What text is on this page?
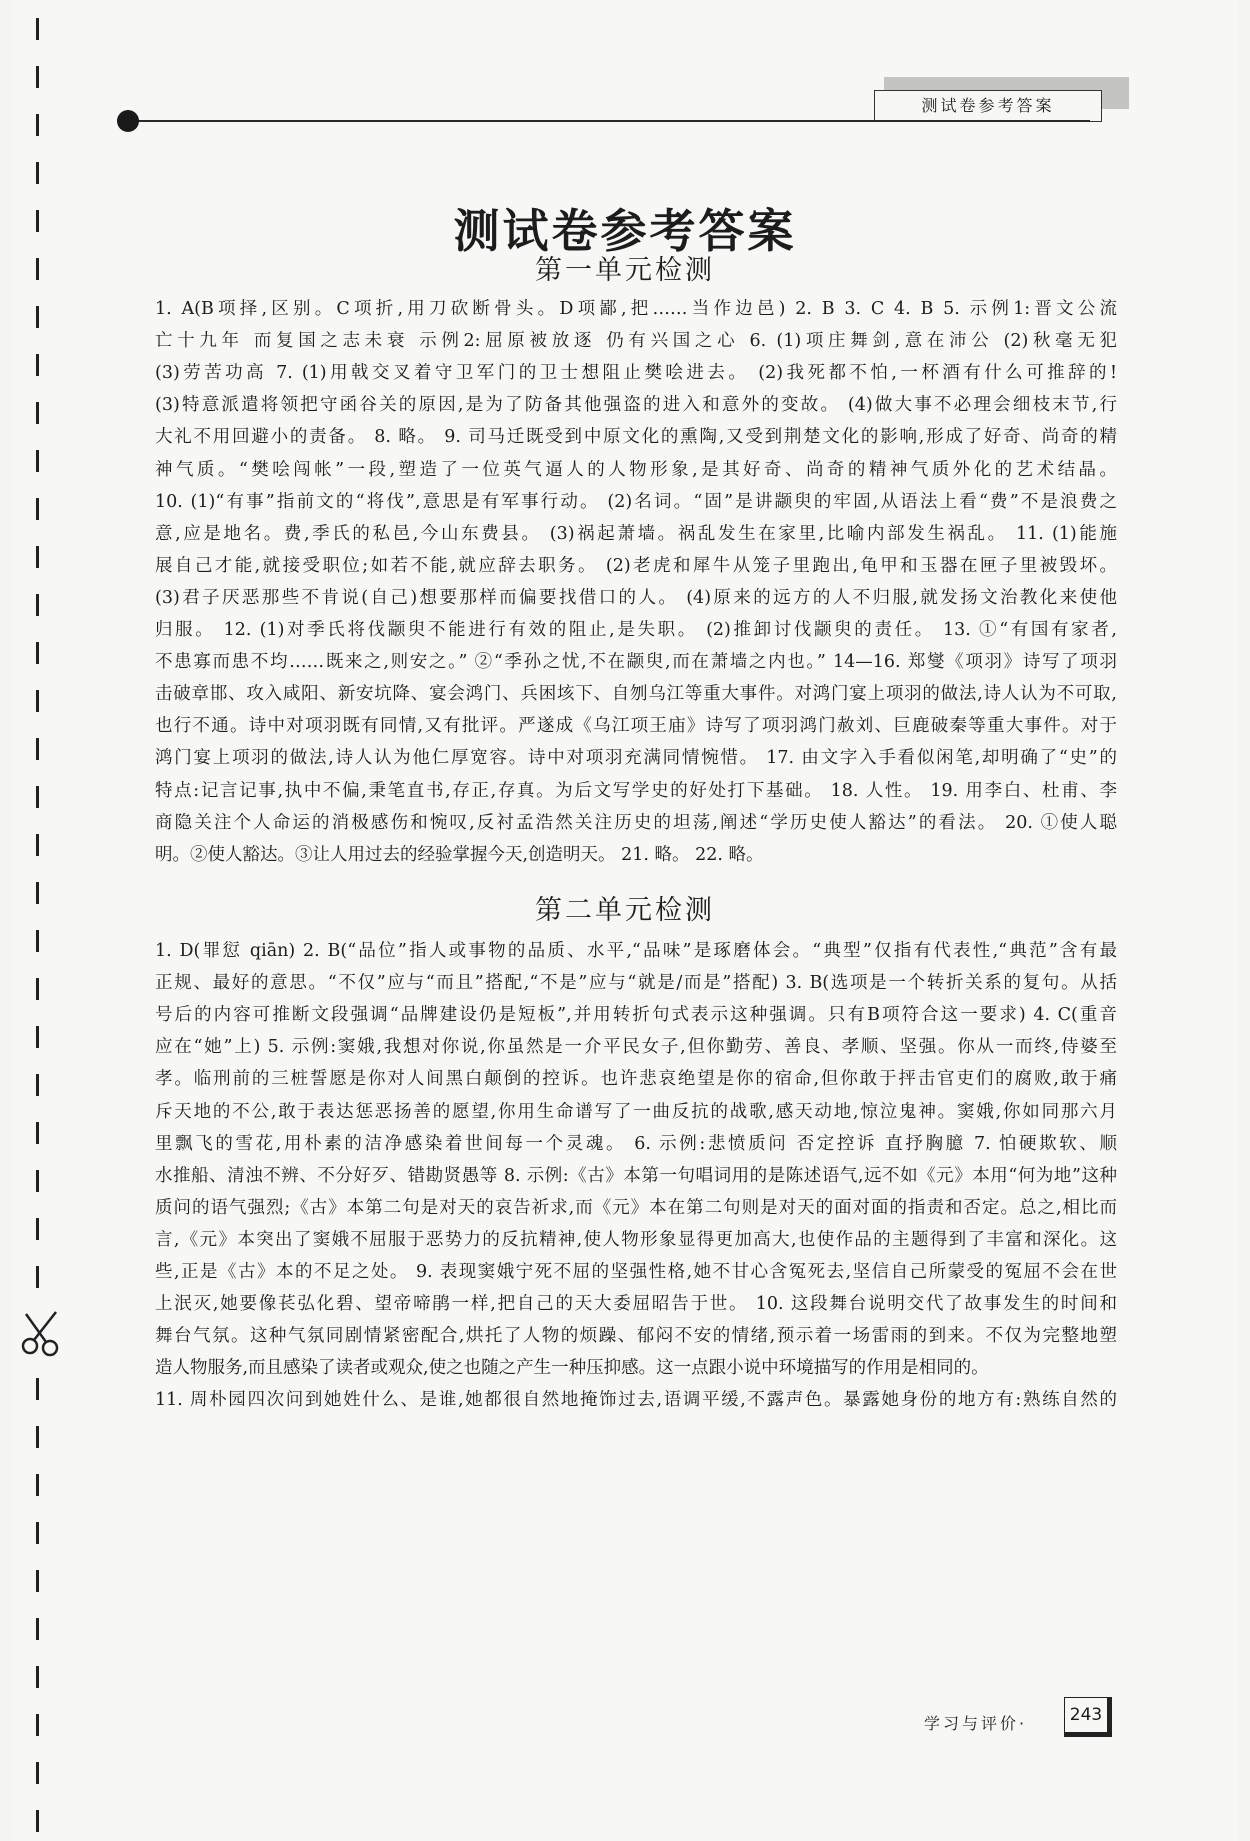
测试卷参考答案
测试卷参考答案
第一单元检测
1. A(B项择,区别。C项折,用刀砍断骨头。D项鄙,把……当作边邑) 2. B 3. C 4. B 5. 示例1:晋文公流
亡十九年 而复国之志未衰 示例2:屈原被放逐 仍有兴国之心 6. (1)项庄舞剑,意在沛公 (2)秋毫无犯
(3)劳苦功高 7. (1)用戟交叉着守卫军门的卫士想阻止樊哙进去。 (2)我死都不怕,一杯酒有什么可推辞的!
(3)特意派遣将领把守函谷关的原因,是为了防备其他强盗的进入和意外的变故。 (4)做大事不必理会细枝末节,行
大礼不用回避小的责备。 8. 略。 9. 司马迁既受到中原文化的熏陶,又受到荆楚文化的影响,形成了好奇、尚奇的精
神气质。“樊哙闯帐”一段,塑造了一位英气逼人的人物形象,是其好奇、尚奇的精神气质外化的艺术结晶。
10. (1)“有事”指前文的“将伐”,意思是有军事行动。 (2)名词。“固”是讲颛臾的牢固,从语法上看“费”不是浪费之
意,应是地名。费,季氏的私邑,今山东费县。 (3)祸起萧墙。祸乱发生在家里,比喻内部发生祸乱。 11. (1)能施
展自己才能,就接受职位;如若不能,就应辞去职务。 (2)老虎和犀牛从笼子里跑出,龟甲和玉器在匣子里被毁坏。
(3)君子厌恶那些不肯说(自己)想要那样而偏要找借口的人。 (4)原来的远方的人不归服,就发扬文治教化来使他
归服。 12. (1)对季氏将伐颛臾不能进行有效的阻止,是失职。 (2)推卸讨伐颛臾的责任。 13. ①“有国有家者,
不患寡而患不均……既来之,则安之。” ②“季孙之忧,不在颛臾,而在萧墙之内也。” 14—16. 郑燮《项羽》诗写了项羽
击破章邯、攻入咸阳、新安坑降、宴会鸿门、兵困垓下、自刎乌江等重大事件。对鸿门宴上项羽的做法,诗人认为不可取,
也行不通。诗中对项羽既有同情,又有批评。严遂成《乌江项王庙》诗写了项羽鸿门赦刘、巨鹿破秦等重大事件。对于
鸿门宴上项羽的做法,诗人认为他仁厚宽容。诗中对项羽充满同情惋惜。 17. 由文字入手看似闲笔,却明确了“史”的
特点:记言记事,执中不偏,秉笔直书,存正,存真。为后文写学史的好处打下基础。 18. 人性。 19. 用李白、杜甫、李
商隐关注个人命运的消极感伤和惋叹,反衬孟浩然关注历史的坦荡,阐述“学历史使人豁达”的看法。 20. ①使人聪
明。②使人豁达。③让人用过去的经验掌握今天,创造明天。 21. 略。 22. 略。
第二单元检测
1. D(罪愆 qiān) 2. B(“品位”指人或事物的品质、水平,“品味”是琢磨体会。“典型”仅指有代表性,“典范”含有最
正规、最好的意思。“不仅”应与“而且”搭配,“不是”应与“就是/而是”搭配) 3. B(选项是一个转折关系的复句。从括
号后的内容可推断文段强调“品牌建设仍是短板”,并用转折句式表示这种强调。只有B项符合这一要求) 4. C(重音
应在“她”上) 5. 示例:窦娥,我想对你说,你虽然是一介平民女子,但你勤劳、善良、孝顺、坚强。你从一而终,侍婆至
孝。临刑前的三桩誓愿是你对人间黑白颠倒的控诉。也许悲哀绝望是你的宿命,但你敢于抨击官吏们的腐败,敢于痛
斥天地的不公,敢于表达惩恶扬善的愿望,你用生命谱写了一曲反抗的战歌,感天动地,惊泣鬼神。窦娥,你如同那六月
里飘飞的雪花,用朴素的洁净感染着世间每一个灵魂。 6. 示例:悲愤质问 否定控诉 直抒胸臆 7. 怕硬欺软、顺
水推船、清浊不辨、不分好歹、错勘贤愚等 8. 示例:《古》本第一句唱词用的是陈述语气,远不如《元》本用“何为地”这种
质问的语气强烈;《古》本第二句是对天的哀告祈求,而《元》本在第二句则是对天的面对面的指责和否定。总之,相比而
言,《元》本突出了窦娥不屈服于恶势力的反抗精神,使人物形象显得更加高大,也使作品的主题得到了丰富和深化。这
些,正是《古》本的不足之处。 9. 表现窦娥宁死不屈的坚强性格,她不甘心含冤死去,坚信自己所蒙受的冤屈不会在世
上泯灭,她要像苌弘化碧、望帝啼鹃一样,把自己的天大委屈昭告于世。 10. 这段舞台说明交代了故事发生的时间和
舞台气氛。这种气氛同剧情紧密配合,烘托了人物的烦躁、郁闷不安的情绪,预示着一场雷雨的到来。不仅为完整地塑
造人物服务,而且感染了读者或观众,使之也随之产生一种压抑感。这一点跟小说中环境描写的作用是相同的。
11. 周朴园四次问到她姓什么、是谁,她都很自然地掩饰过去,语调平缓,不露声色。暴露她身份的地方有:熟练自然的
学习与评价·	243
